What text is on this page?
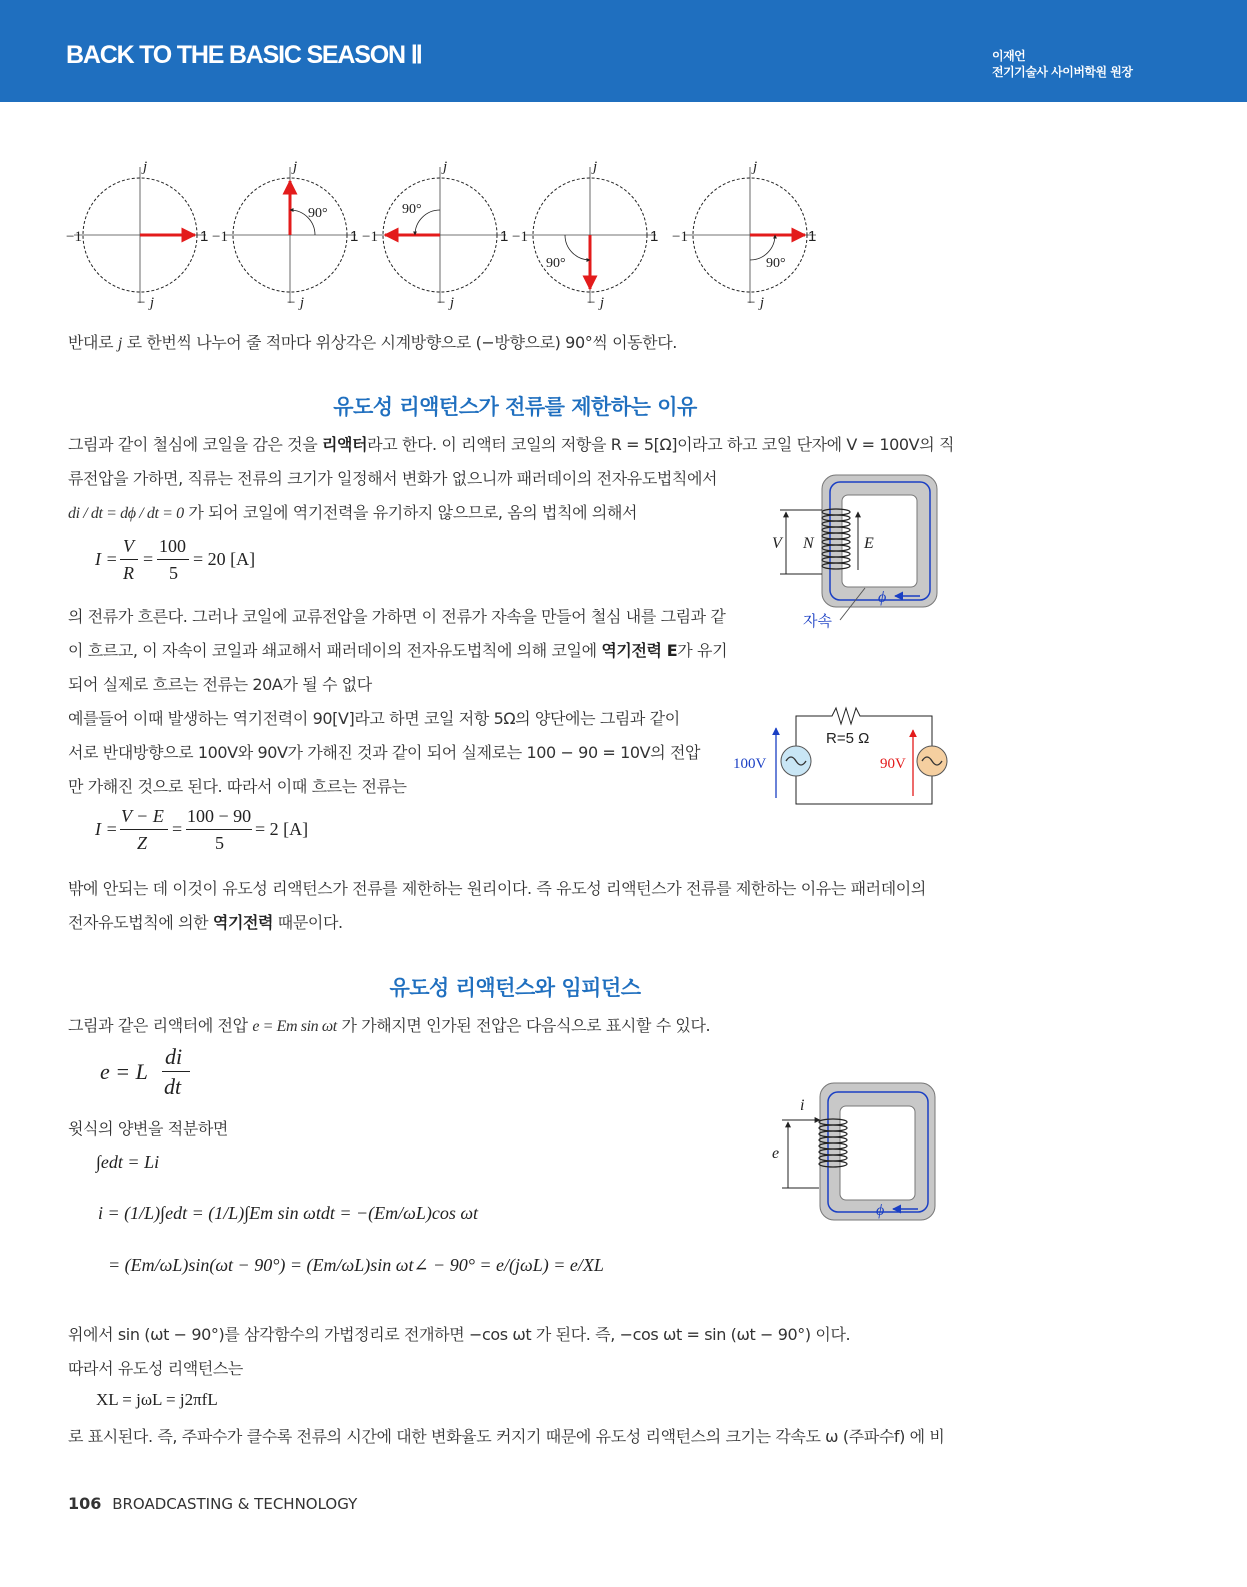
BACK TO THE BASIC SEASON Ⅱ	이재언
전기기술사 사이버학원 원장
j
− j
−1	1
90°
j
− j
−1	1
90°
j
− j
−1	1
90°
j
− j
−1	1
90°
j
− j
−1	1
반대로 j 로 한번씩 나누어 줄 적마다 위상각은 시계방향으로 (−방향으로) 90°씩 이동한다.
유도성 리액턴스가 전류를 제한하는 이유
그림과 같이 철심에 코일을 감은 것을 리액터라고 한다. 이 리액터 코일의 저항을 R = 5[Ω]이라고 하고 코일 단자에 V = 100V의 직
류전압을 가하면, 직류는 전류의 크기가 일정해서 변화가 없으니까 패러데이의 전자유도법칙에서
di / dt = dϕ / dt = 0 가 되어 코일에 역기전력을 유기하지 않으므로, 옴의 법칙에 의해서
I =
V
R
=
100
5
= 20 [A]
의 전류가 흐른다. 그러나 코일에 교류전압을 가하면 이 전류가 자속을 만들어 철심 내를 그림과 같
이 흐르고, 이 자속이 코일과 쇄교해서 패러데이의 전자유도법칙에 의해 코일에 역기전력 E가 유기
되어 실제로 흐르는 전류는 20A가 될 수 없다
예를들어 이때 발생하는 역기전력이 90[V]라고 하면 코일 저항 5Ω의 양단에는 그림과 같이
서로 반대방향으로 100V와 90V가 가해진 것과 같이 되어 실제로는 100 − 90 = 10V의 전압
만 가해진 것으로 된다. 따라서 이때 흐르는 전류는
I =
V − E
Z
=
100 − 90
5
= 2 [A]
밖에 안되는 데 이것이 유도성 리액턴스가 전류를 제한하는 원리이다. 즉 유도성 리액턴스가 전류를 제한하는 이유는 패러데이의
전자유도법칙에 의한 역기전력 때문이다.
V N	E
ϕ
자속
R=5 Ω
100V	90V
유도성 리액턴스와 임피던스
그림과 같은 리액터에 전압 e = Em sin ωt 가 가해지면 인가된 전압은 다음식으로 표시할 수 있다.
e = L
di
dt
윗식의 양변을 적분하면
∫edt = Li
i = (1/L)∫edt = (1/L)∫Em sin ωtdt = −(Em/ωL)cos ωt
= (Em/ωL)sin(ωt − 90°) = (Em/ωL)sin ωt∠ − 90° = e/(jωL) = e/XL
위에서 sin (ωt − 90°)를 삼각함수의 가법정리로 전개하면 −cos ωt 가 된다. 즉, −cos ωt = sin (ωt − 90°) 이다.
따라서 유도성 리액턴스는
XL = jωL = j2πfL
로 표시된다. 즉, 주파수가 클수록 전류의 시간에 대한 변화율도 커지기 때문에 유도성 리액턴스의 크기는 각속도 ω (주파수f) 에 비
i
e
ϕ
106 BROADCASTING & TECHNOLOGY
